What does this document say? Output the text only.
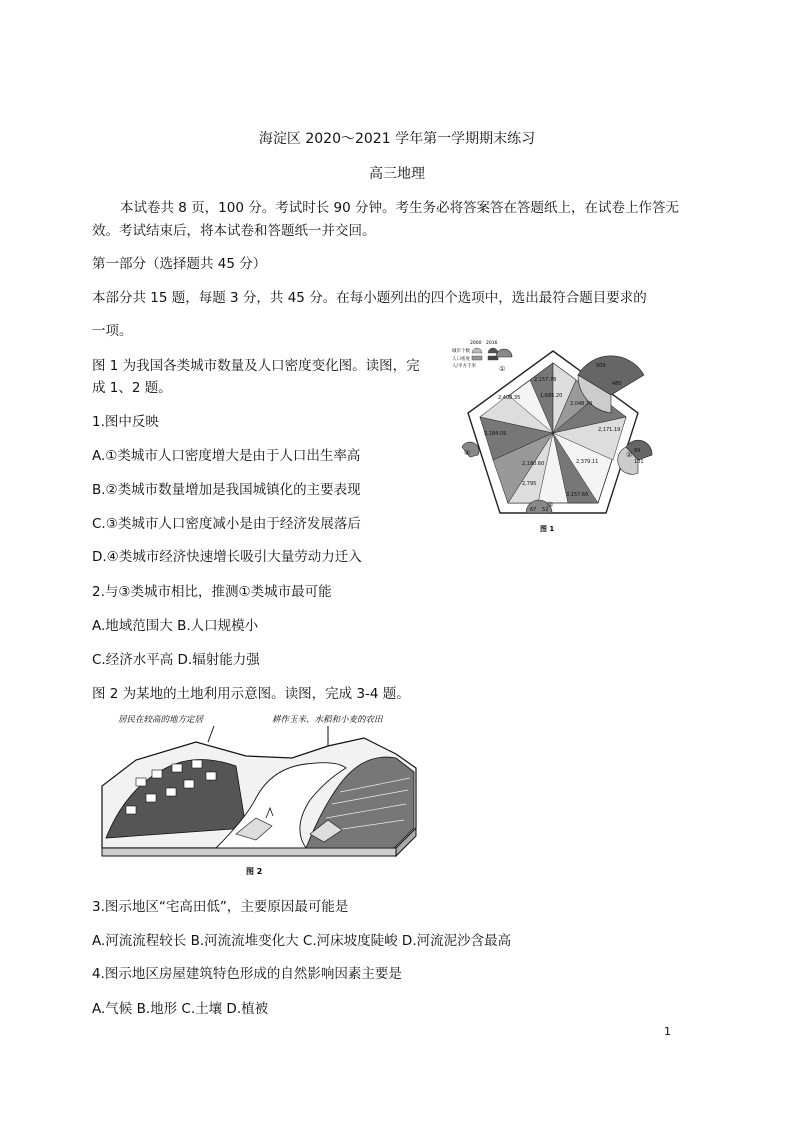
海淀区 2020～2021 学年第一学期期末练习
高三地理
本试卷共 8 页，100 分。考试时长 90 分钟。考生务必将答案答在答题纸上，在试卷上作答无
效。考试结束后，将本试卷和答题纸一并交回。
第一部分（选择题共 45 分）
本部分共 15 题，每题 3 分，共 45 分。在每小题列出的四个选项中，选出最符合题目要求的
一项。
图 1 为我国各类城市数量及人口密度变化图。读图，完
成 1、2 题。
1.图中反映
A.①类城市人口密度增大是由于人口出生率高
B.②类城市数量增加是我国城镇化的主要表现
C.③类城市人口密度减小是由于经济发展落后
D.④类城市经济快速增长吸引大量劳动力迁入
2.与③类城市相比，推测①类城市最可能
A.地域范围大 B.人口规模小
C.经济水平高 D.辐射能力强
图 2 为某地的土地利用示意图。读图，完成 3-4 题。
3.图示地区“宅高田低”，主要原因最可能是
A.河流流程较长 B.河流流堆变化大 C.河床坡度陡峻 D.河流泥沙含最高
4.图示地区房屋建筑特色形成的自然影响因素主要是
A.气候 B.地形 C.土壤 D.植被
1
2000 2016
城市个数
人口密度
人/平方千米
2,157.78
1,685.20
2,048.70
2,171.19
2,379.11
3,157.66
2,795
2,180.60
3,184.05
2,408.35
509
480
89
101
67 52
①
②
③
④
图 1
居民在较高的地方定居	耕作玉米、水稻和小麦的农田
图 2
